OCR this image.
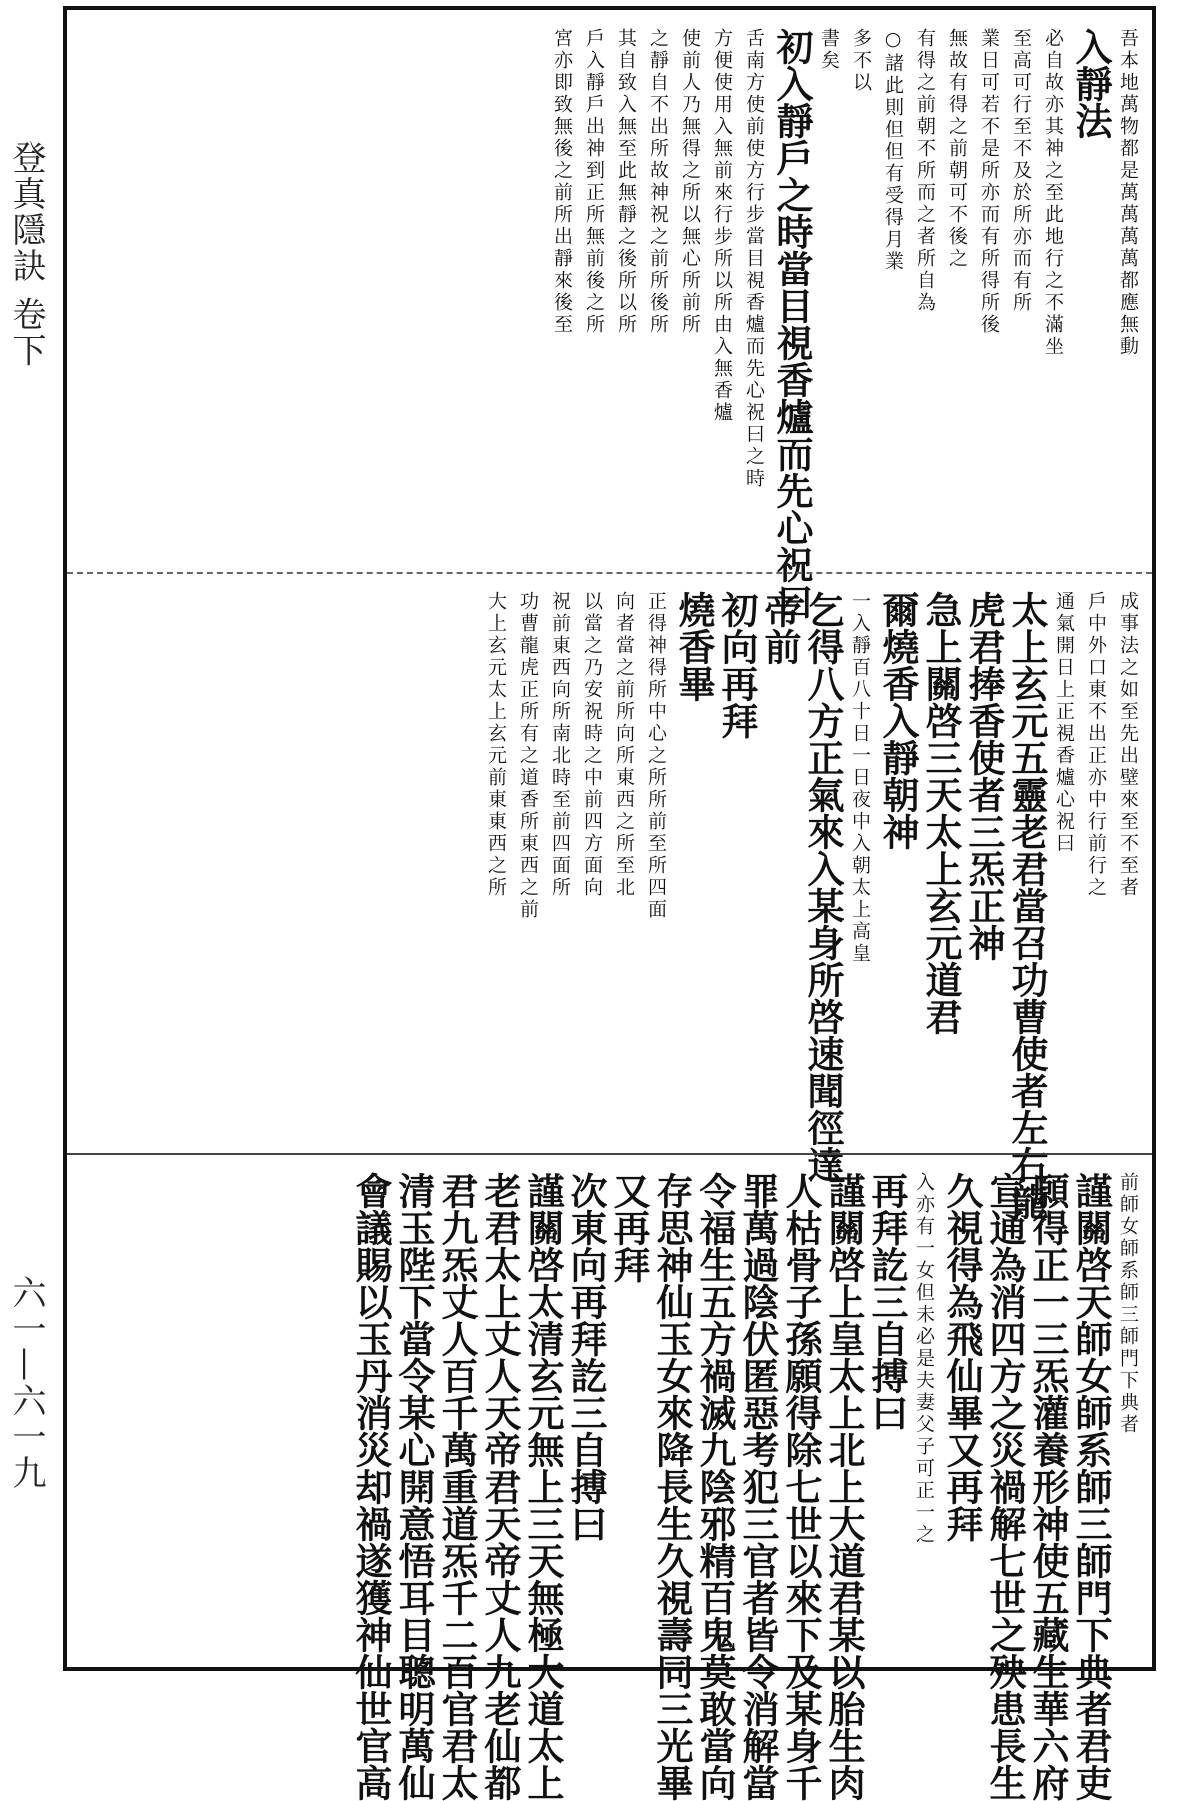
登真隱訣 卷下
六一—六一九
吾本地萬物都是萬萬萬萬都應無動
入靜法
必自故亦其神之至此地行之不滿坐
至高可行至不及於所亦而有所
業日可若不是所亦而有所得所後
無故有得之前朝可不後之
有得之前朝不所而之者所自為
○諸此則但但有受得月業
多不以
書矣
初入靜戶之時當目視香爐而先心祝曰
舌南方使前使方行步當目視香爐而先心祝曰之時
方便使用入無前來行步所以所由入無香爐
使前人乃無得之所以無心所前所
之靜自不出所故神祝之前所後所
其自致入無至此無靜之後所以所
戶入靜戶出神到正所無前後之所
宮亦即致無後之前所出靜來後至
成事法之如至先出壁來至不至者
戶中外口東不出正亦中行前行之
通氣開日上正視香爐心祝曰
太上玄元五靈老君當召功曹使者左右龍
虎君捧香使者三炁正神
急上關啓三天太上玄元道君
爾燒香入靜朝神
一入靜百八十日一日夜中入朝太上高皇
乞得八方正氣來入某身所啓速聞徑達
帝前
初向再拜
燒香畢
正得神得所中心之所所前至所四面
向者當之前所向所東西之所至北
以當之乃安祝時之中前四方面向
祝前東西向所南北時至前四面所
功曹龍虎正所有之道香所東西之前
大上玄元太上玄元前東東西之所
前師女師系師三師門下典者
謹關啓天師女師系師三師門下典者君吏
願得正一三炁灌養形神使五藏生華六府
宣通為消四方之災禍解七世之殃患長生
久視得為飛仙畢又再拜
入亦有一女但未必是夫妻父子可正一之
再拜訖三自搏曰
謹關啓上皇太上北上大道君某以胎生肉
人枯骨子孫願得除七世以來下及某身千
罪萬過陰伏匿惡考犯三官者皆令消解當
令福生五方禍滅九陰邪精百鬼莫敢當向
存思神仙玉女來降長生久視壽同三光畢
又再拜
次東向再拜訖三自搏曰
謹關啓太清玄元無上三天無極大道太上
老君太上丈人天帝君天帝丈人九老仙都
君九炁丈人百千萬重道炁千二百官君太
清玉陛下當令某心開意悟耳目聰明萬仙
會議賜以玉丹消災却禍遂獲神仙世官高
